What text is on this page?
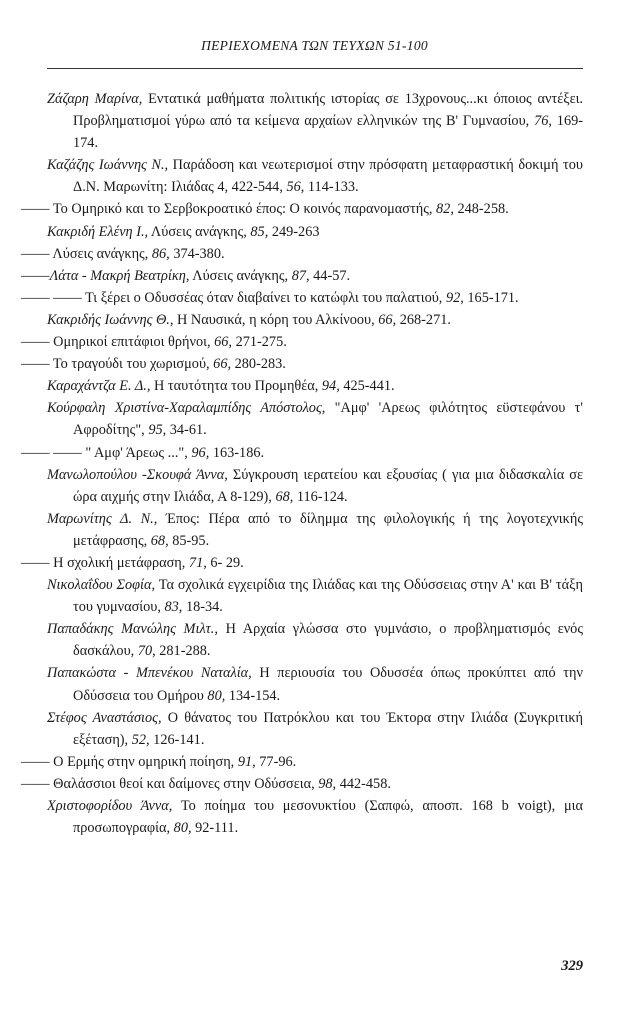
ΠΕΡΙΕΧΟΜΕΝΑ ΤΩΝ ΤΕΥΧΩΝ 51-100
Ζάζαρη Μαρίνα, Εντατικά μαθήματα πολιτικής ιστορίας σε 13χρονους...κι όποιος αντέξει. Προβληματισμοί γύρω από τα κείμενα αρχαίων ελληνικών της Β' Γυμνασίου, 76, 169-174.
Καζάζης Ιωάννης Ν., Παράδοση και νεωτερισμοί στην πρόσφατη μεταφραστική δοκιμή του Δ.Ν. Μαρωνίτη: Ιλιάδας 4, 422-544, 56, 114-133.
—— Το Ομηρικό και το Σερβοκροατικό έπος: Ο κοινός παρανομαστής, 82, 248-258.
Κακριδή Ελένη Ι., Λύσεις ανάγκης, 85, 249-263
—— Λύσεις ανάγκης, 86, 374-380.
——Λάτα - Μακρή Βεατρίκη, Λύσεις ανάγκης, 87, 44-57.
—— —— Τι ξέρει ο Οδυσσέας όταν διαβαίνει το κατώφλι του παλατιού, 92, 165-171.
Κακριδής Ιωάννης Θ., Η Ναυσικά, η κόρη του Αλκίνοου, 66, 268-271.
—— Ομηρικοί επιτάφιοι θρήνοι, 66, 271-275.
—— Το τραγούδι του χωρισμού, 66, 280-283.
Καραχάντζα Ε. Δ., Η ταυτότητα του Προμηθέα, 94, 425-441.
Κούρφαλη Χριστίνα-Χαραλαμπίδης Απόστολος, "Αμφ' 'Αρεως φιλότητος εϋστεφάνου τ' Αφροδίτης", 95, 34-61.
—— —— " Αμφ' Άρεως ...", 96, 163-186.
Μανωλοπούλου -Σκουφά Άννα, Σύγκρουση ιερατείου και εξουσίας ( για μια διδασκαλία σε ώρα αιχμής στην Ιλιάδα, Α 8-129), 68, 116-124.
Μαρωνίτης Δ. Ν., Έπος: Πέρα από το δίλημμα της φιλολογικής ή της λογοτεχνικής μετάφρασης, 68, 85-95.
—— Η σχολική μετάφραση, 71, 6- 29.
Νικολαΐδου Σοφία, Τα σχολικά εγχειρίδια της Ιλιάδας και της Οδύσσειας στην Α' και Β' τάξη του γυμνασίου, 83, 18-34.
Παπαδάκης Μανώλης Μιλτ., Η Αρχαία γλώσσα στο γυμνάσιο, ο προβληματισμός ενός δασκάλου, 70, 281-288.
Παπακώστα - Μπενέκου Ναταλία, Η περιουσία του Οδυσσέα όπως προκύπτει από την Οδύσσεια του Ομήρου 80, 134-154.
Στέφος Αναστάσιος, Ο θάνατος του Πατρόκλου και του Έκτορα στην Ιλιάδα (Συγκριτική εξέταση), 52, 126-141.
—— Ο Ερμής στην ομηρική ποίηση, 91, 77-96.
—— Θαλάσσιοι θεοί και δαίμονες στην Οδύσσεια, 98, 442-458.
Χριστοφορίδου Άννα, Το ποίημα του μεσονυκτίου (Σαπφώ, αποσπ. 168 b voigt), μια προσωπογραφία, 80, 92-111.
329
